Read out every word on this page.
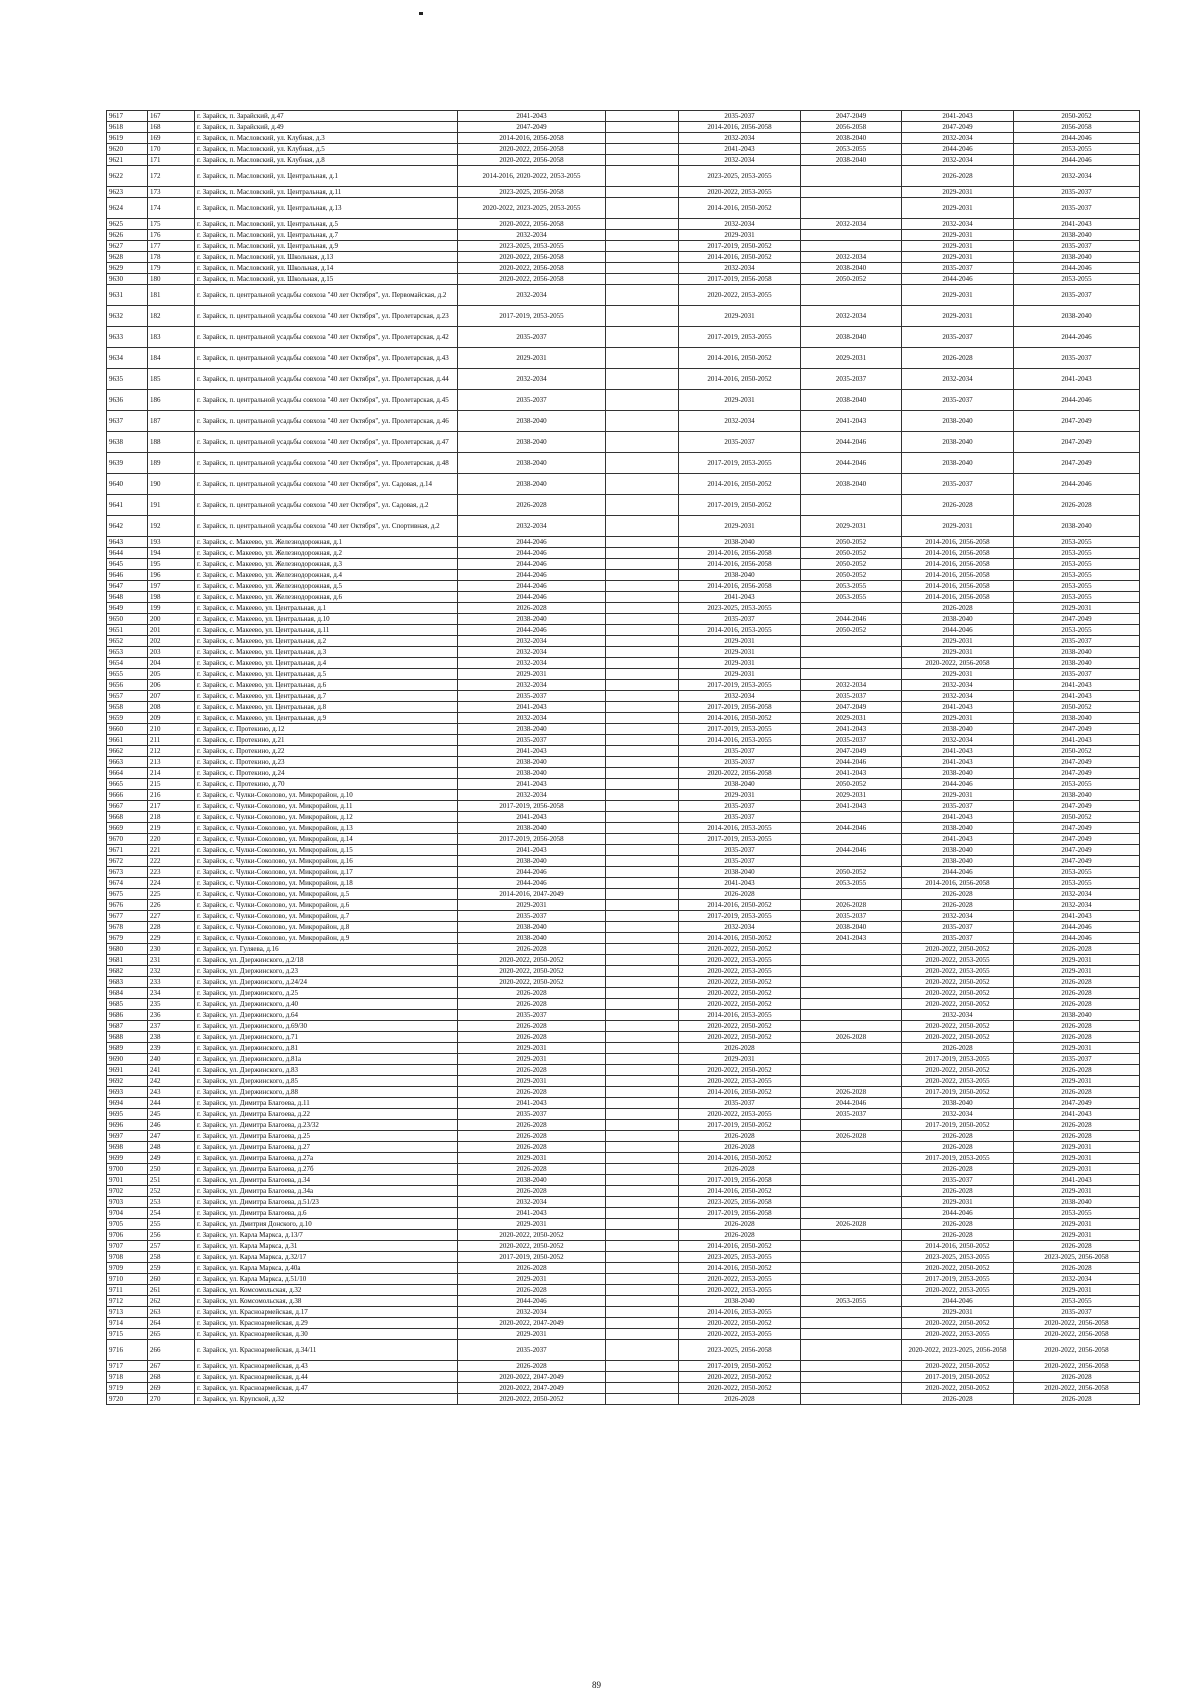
9617	167	г. Зарайск, п. Зарайский, д.47	2041-2043		2035-2037	2047-2049	2041-2043	2050-2052
9618	168	г. Зарайск, п. Зарайский, д.49	2047-2049		2014-2016, 2056-2058	2056-2058	2047-2049	2056-2058
9619	169	г. Зарайск, п. Масловский, ул. Клубная, д.3	2014-2016, 2056-2058		2032-2034	2038-2040	2032-2034	2044-2046
9620	170	г. Зарайск, п. Масловский, ул. Клубная, д.5	2020-2022, 2056-2058		2041-2043	2053-2055	2044-2046	2053-2055
9621	171	г. Зарайск, п. Масловский, ул. Клубная, д.8	2020-2022, 2056-2058		2032-2034	2038-2040	2032-2034	2044-2046
9622	172	г. Зарайск, п. Масловский, ул. Центральная, д.1	2014-2016, 2020-2022, 2053-2055		2023-2025, 2053-2055		2026-2028	2032-2034
9623	173	г. Зарайск, п. Масловский, ул. Центральная, д.11	2023-2025, 2056-2058		2020-2022, 2053-2055		2029-2031	2035-2037
9624	174	г. Зарайск, п. Масловский, ул. Центральная, д.13	2020-2022, 2023-2025, 2053-2055		2014-2016, 2050-2052		2029-2031	2035-2037
9625	175	г. Зарайск, п. Масловский, ул. Центральная, д.5	2020-2022, 2056-2058		2032-2034	2032-2034	2032-2034	2041-2043
9626	176	г. Зарайск, п. Масловский, ул. Центральная, д.7	2032-2034		2029-2031		2029-2031	2038-2040
9627	177	г. Зарайск, п. Масловский, ул. Центральная, д.9	2023-2025, 2053-2055		2017-2019, 2050-2052		2029-2031	2035-2037
9628	178	г. Зарайск, п. Масловский, ул. Школьная, д.13	2020-2022, 2056-2058		2014-2016, 2050-2052	2032-2034	2029-2031	2038-2040
9629	179	г. Зарайск, п. Масловский, ул. Школьная, д.14	2020-2022, 2056-2058		2032-2034	2038-2040	2035-2037	2044-2046
9630	180	г. Зарайск, п. Масловский, ул. Школьная, д.15	2020-2022, 2056-2058		2017-2019, 2056-2058	2050-2052	2044-2046	2053-2055
9631	181	г. Зарайск, п. центральной усадьбы совхоза "40 лет Октября", ул. Первомайская, д.2	2032-2034		2020-2022, 2053-2055		2029-2031	2035-2037
9632	182	г. Зарайск, п. центральной усадьбы совхоза "40 лет Октября", ул. Пролетарская, д.23	2017-2019, 2053-2055		2029-2031	2032-2034	2029-2031	2038-2040
9633	183	г. Зарайск, п. центральной усадьбы совхоза "40 лет Октября", ул. Пролетарская, д.42	2035-2037		2017-2019, 2053-2055	2038-2040	2035-2037	2044-2046
9634	184	г. Зарайск, п. центральной усадьбы совхоза "40 лет Октября", ул. Пролетарская, д.43	2029-2031		2014-2016, 2050-2052	2029-2031	2026-2028	2035-2037
9635	185	г. Зарайск, п. центральной усадьбы совхоза "40 лет Октября", ул. Пролетарская, д.44	2032-2034		2014-2016, 2050-2052	2035-2037	2032-2034	2041-2043
9636	186	г. Зарайск, п. центральной усадьбы совхоза "40 лет Октября", ул. Пролетарская, д.45	2035-2037		2029-2031	2038-2040	2035-2037	2044-2046
9637	187	г. Зарайск, п. центральной усадьбы совхоза "40 лет Октября", ул. Пролетарская, д.46	2038-2040		2032-2034	2041-2043	2038-2040	2047-2049
9638	188	г. Зарайск, п. центральной усадьбы совхоза "40 лет Октября", ул. Пролетарская, д.47	2038-2040		2035-2037	2044-2046	2038-2040	2047-2049
9639	189	г. Зарайск, п. центральной усадьбы совхоза "40 лет Октября", ул. Пролетарская, д.48	2038-2040		2017-2019, 2053-2055	2044-2046	2038-2040	2047-2049
9640	190	г. Зарайск, п. центральной усадьбы совхоза "40 лет Октября", ул. Садовая, д.14	2038-2040		2014-2016, 2050-2052	2038-2040	2035-2037	2044-2046
9641	191	г. Зарайск, п. центральной усадьбы совхоза "40 лет Октября", ул. Садовая, д.2	2026-2028		2017-2019, 2050-2052		2026-2028	2026-2028
9642	192	г. Зарайск, п. центральной усадьбы совхоза "40 лет Октября", ул. Спортивная, д.2	2032-2034		2029-2031	2029-2031	2029-2031	2038-2040
9643	193	г. Зарайск, с. Макеево, ул. Железнодорожная, д.1	2044-2046		2038-2040	2050-2052	2014-2016, 2056-2058	2053-2055
9644	194	г. Зарайск, с. Макеево, ул. Железнодорожная, д.2	2044-2046		2014-2016, 2056-2058	2050-2052	2014-2016, 2056-2058	2053-2055
9645	195	г. Зарайск, с. Макеево, ул. Железнодорожная, д.3	2044-2046		2014-2016, 2056-2058	2050-2052	2014-2016, 2056-2058	2053-2055
9646	196	г. Зарайск, с. Макеево, ул. Железнодорожная, д.4	2044-2046		2038-2040	2050-2052	2014-2016, 2056-2058	2053-2055
9647	197	г. Зарайск, с. Макеево, ул. Железнодорожная, д.5	2044-2046		2014-2016, 2056-2058	2053-2055	2014-2016, 2056-2058	2053-2055
9648	198	г. Зарайск, с. Макеево, ул. Железнодорожная, д.6	2044-2046		2041-2043	2053-2055	2014-2016, 2056-2058	2053-2055
9649	199	г. Зарайск, с. Макеево, ул. Центральная, д.1	2026-2028		2023-2025, 2053-2055		2026-2028	2029-2031
9650	200	г. Зарайск, с. Макеево, ул. Центральная, д.10	2038-2040		2035-2037	2044-2046	2038-2040	2047-2049
9651	201	г. Зарайск, с. Макеево, ул. Центральная, д.11	2044-2046		2014-2016, 2053-2055	2050-2052	2044-2046	2053-2055
9652	202	г. Зарайск, с. Макеево, ул. Центральная, д.2	2032-2034		2029-2031		2029-2031	2035-2037
9653	203	г. Зарайск, с. Макеево, ул. Центральная, д.3	2032-2034		2029-2031		2029-2031	2038-2040
9654	204	г. Зарайск, с. Макеево, ул. Центральная, д.4	2032-2034		2029-2031		2020-2022, 2056-2058	2038-2040
9655	205	г. Зарайск, с. Макеево, ул. Центральная, д.5	2029-2031		2029-2031		2029-2031	2035-2037
9656	206	г. Зарайск, с. Макеево, ул. Центральная, д.6	2032-2034		2017-2019, 2053-2055	2032-2034	2032-2034	2041-2043
9657	207	г. Зарайск, с. Макеево, ул. Центральная, д.7	2035-2037		2032-2034	2035-2037	2032-2034	2041-2043
9658	208	г. Зарайск, с. Макеево, ул. Центральная, д.8	2041-2043		2017-2019, 2056-2058	2047-2049	2041-2043	2050-2052
9659	209	г. Зарайск, с. Макеево, ул. Центральная, д.9	2032-2034		2014-2016, 2050-2052	2029-2031	2029-2031	2038-2040
9660	210	г. Зарайск, с. Протекино, д.12	2038-2040		2017-2019, 2053-2055	2041-2043	2038-2040	2047-2049
9661	211	г. Зарайск, с. Протекино, д.21	2035-2037		2014-2016, 2053-2055	2035-2037	2032-2034	2041-2043
9662	212	г. Зарайск, с. Протекино, д.22	2041-2043		2035-2037	2047-2049	2041-2043	2050-2052
9663	213	г. Зарайск, с. Протекино, д.23	2038-2040		2035-2037	2044-2046	2041-2043	2047-2049
9664	214	г. Зарайск, с. Протекино, д.24	2038-2040		2020-2022, 2056-2058	2041-2043	2038-2040	2047-2049
9665	215	г. Зарайск, с. Протекино, д.70	2041-2043		2038-2040	2050-2052	2044-2046	2053-2055
9666	216	г. Зарайск, с. Чулки-Соколово, ул. Микрорайон, д.10	2032-2034		2029-2031	2029-2031	2029-2031	2038-2040
9667	217	г. Зарайск, с. Чулки-Соколово, ул. Микрорайон, д.11	2017-2019, 2056-2058		2035-2037	2041-2043	2035-2037	2047-2049
9668	218	г. Зарайск, с. Чулки-Соколово, ул. Микрорайон, д.12	2041-2043		2035-2037		2041-2043	2050-2052
9669	219	г. Зарайск, с. Чулки-Соколово, ул. Микрорайон, д.13	2038-2040		2014-2016, 2053-2055	2044-2046	2038-2040	2047-2049
9670	220	г. Зарайск, с. Чулки-Соколово, ул. Микрорайон, д.14	2017-2019, 2056-2058		2017-2019, 2053-2055		2041-2043	2047-2049
9671	221	г. Зарайск, с. Чулки-Соколово, ул. Микрорайон, д.15	2041-2043		2035-2037	2044-2046	2038-2040	2047-2049
9672	222	г. Зарайск, с. Чулки-Соколово, ул. Микрорайон, д.16	2038-2040		2035-2037		2038-2040	2047-2049
9673	223	г. Зарайск, с. Чулки-Соколово, ул. Микрорайон, д.17	2044-2046		2038-2040	2050-2052	2044-2046	2053-2055
9674	224	г. Зарайск, с. Чулки-Соколово, ул. Микрорайон, д.18	2044-2046		2041-2043	2053-2055	2014-2016, 2056-2058	2053-2055
9675	225	г. Зарайск, с. Чулки-Соколово, ул. Микрорайон, д.5	2014-2016, 2047-2049		2026-2028		2026-2028	2032-2034
9676	226	г. Зарайск, с. Чулки-Соколово, ул. Микрорайон, д.6	2029-2031		2014-2016, 2050-2052	2026-2028	2026-2028	2032-2034
9677	227	г. Зарайск, с. Чулки-Соколово, ул. Микрорайон, д.7	2035-2037		2017-2019, 2053-2055	2035-2037	2032-2034	2041-2043
9678	228	г. Зарайск, с. Чулки-Соколово, ул. Микрорайон, д.8	2038-2040		2032-2034	2038-2040	2035-2037	2044-2046
9679	229	г. Зарайск, с. Чулки-Соколово, ул. Микрорайон, д.9	2038-2040		2014-2016, 2050-2052	2041-2043	2035-2037	2044-2046
9680	230	г. Зарайск, ул. Гуляева, д.16	2026-2028		2020-2022, 2050-2052		2020-2022, 2050-2052	2026-2028
9681	231	г. Зарайск, ул. Дзержинского, д.2/18	2020-2022, 2050-2052		2020-2022, 2053-2055		2020-2022, 2053-2055	2029-2031
9682	232	г. Зарайск, ул. Дзержинского, д.23	2020-2022, 2050-2052		2020-2022, 2053-2055		2020-2022, 2053-2055	2029-2031
9683	233	г. Зарайск, ул. Дзержинского, д.24/24	2020-2022, 2050-2052		2020-2022, 2050-2052		2020-2022, 2050-2052	2026-2028
9684	234	г. Зарайск, ул. Дзержинского, д.25	2026-2028		2020-2022, 2050-2052		2020-2022, 2050-2052	2026-2028
9685	235	г. Зарайск, ул. Дзержинского, д.40	2026-2028		2020-2022, 2050-2052		2020-2022, 2050-2052	2026-2028
9686	236	г. Зарайск, ул. Дзержинского, д.64	2035-2037		2014-2016, 2053-2055		2032-2034	2038-2040
9687	237	г. Зарайск, ул. Дзержинского, д.69/30	2026-2028		2020-2022, 2050-2052		2020-2022, 2050-2052	2026-2028
9688	238	г. Зарайск, ул. Дзержинского, д.71	2026-2028		2020-2022, 2050-2052	2026-2028	2020-2022, 2050-2052	2026-2028
9689	239	г. Зарайск, ул. Дзержинского, д.81	2029-2031		2026-2028		2026-2028	2029-2031
9690	240	г. Зарайск, ул. Дзержинского, д.81а	2029-2031		2029-2031		2017-2019, 2053-2055	2035-2037
9691	241	г. Зарайск, ул. Дзержинского, д.83	2026-2028		2020-2022, 2050-2052		2020-2022, 2050-2052	2026-2028
9692	242	г. Зарайск, ул. Дзержинского, д.85	2029-2031		2020-2022, 2053-2055		2020-2022, 2053-2055	2029-2031
9693	243	г. Зарайск, ул. Дзержинского, д.88	2026-2028		2014-2016, 2050-2052	2026-2028	2017-2019, 2050-2052	2026-2028
9694	244	г. Зарайск, ул. Димитра Благоева, д.11	2041-2043		2035-2037	2044-2046	2038-2040	2047-2049
9695	245	г. Зарайск, ул. Димитра Благоева, д.22	2035-2037		2020-2022, 2053-2055	2035-2037	2032-2034	2041-2043
9696	246	г. Зарайск, ул. Димитра Благоева, д.23/32	2026-2028		2017-2019, 2050-2052		2017-2019, 2050-2052	2026-2028
9697	247	г. Зарайск, ул. Димитра Благоева, д.25	2026-2028		2026-2028	2026-2028	2026-2028	2026-2028
9698	248	г. Зарайск, ул. Димитра Благоева, д.27	2026-2028		2026-2028		2026-2028	2029-2031
9699	249	г. Зарайск, ул. Димитра Благоева, д.27а	2029-2031		2014-2016, 2050-2052		2017-2019, 2053-2055	2029-2031
9700	250	г. Зарайск, ул. Димитра Благоева, д.27б	2026-2028		2026-2028		2026-2028	2029-2031
9701	251	г. Зарайск, ул. Димитра Благоева, д.34	2038-2040		2017-2019, 2056-2058		2035-2037	2041-2043
9702	252	г. Зарайск, ул. Димитра Благоева, д.34а	2026-2028		2014-2016, 2050-2052		2026-2028	2029-2031
9703	253	г. Зарайск, ул. Димитра Благоева, д.51/23	2032-2034		2023-2025, 2056-2058		2029-2031	2038-2040
9704	254	г. Зарайск, ул. Димитра Благоева, д.6	2041-2043		2017-2019, 2056-2058		2044-2046	2053-2055
9705	255	г. Зарайск, ул. Дмитрия Донского, д.10	2029-2031		2026-2028	2026-2028	2026-2028	2029-2031
9706	256	г. Зарайск, ул. Карла Маркса, д.13/7	2020-2022, 2050-2052		2026-2028		2026-2028	2029-2031
9707	257	г. Зарайск, ул. Карла Маркса, д.31	2020-2022, 2050-2052		2014-2016, 2050-2052		2014-2016, 2050-2052	2026-2028
9708	258	г. Зарайск, ул. Карла Маркса, д.32/17	2017-2019, 2050-2052		2023-2025, 2053-2055		2023-2025, 2053-2055	2023-2025, 2056-2058
9709	259	г. Зарайск, ул. Карла Маркса, д.40а	2026-2028		2014-2016, 2050-2052		2020-2022, 2050-2052	2026-2028
9710	260	г. Зарайск, ул. Карла Маркса, д.51/10	2029-2031		2020-2022, 2053-2055		2017-2019, 2053-2055	2032-2034
9711	261	г. Зарайск, ул. Комсомольская, д.32	2026-2028		2020-2022, 2053-2055		2020-2022, 2053-2055	2029-2031
9712	262	г. Зарайск, ул. Комсомольская, д.38	2044-2046		2038-2040	2053-2055	2044-2046	2053-2055
9713	263	г. Зарайск, ул. Красноармейская, д.17	2032-2034		2014-2016, 2053-2055		2029-2031	2035-2037
9714	264	г. Зарайск, ул. Красноармейская, д.29	2020-2022, 2047-2049		2020-2022, 2050-2052		2020-2022, 2050-2052	2020-2022, 2056-2058
9715	265	г. Зарайск, ул. Красноармейская, д.30	2029-2031		2020-2022, 2053-2055		2020-2022, 2053-2055	2020-2022, 2056-2058
9716	266	г. Зарайск, ул. Красноармейская, д.34/11	2035-2037		2023-2025, 2056-2058		2020-2022, 2023-2025, 2056-2058	2020-2022, 2056-2058
9717	267	г. Зарайск, ул. Красноармейская, д.43	2026-2028		2017-2019, 2050-2052		2020-2022, 2050-2052	2020-2022, 2056-2058
9718	268	г. Зарайск, ул. Красноармейская, д.44	2020-2022, 2047-2049		2020-2022, 2050-2052		2017-2019, 2050-2052	2026-2028
9719	269	г. Зарайск, ул. Красноармейская, д.47	2020-2022, 2047-2049		2020-2022, 2050-2052		2020-2022, 2050-2052	2020-2022, 2056-2058
9720	270	г. Зарайск, ул. Крупской, д.32	2020-2022, 2050-2052		2026-2028		2026-2028	2026-2028
89
